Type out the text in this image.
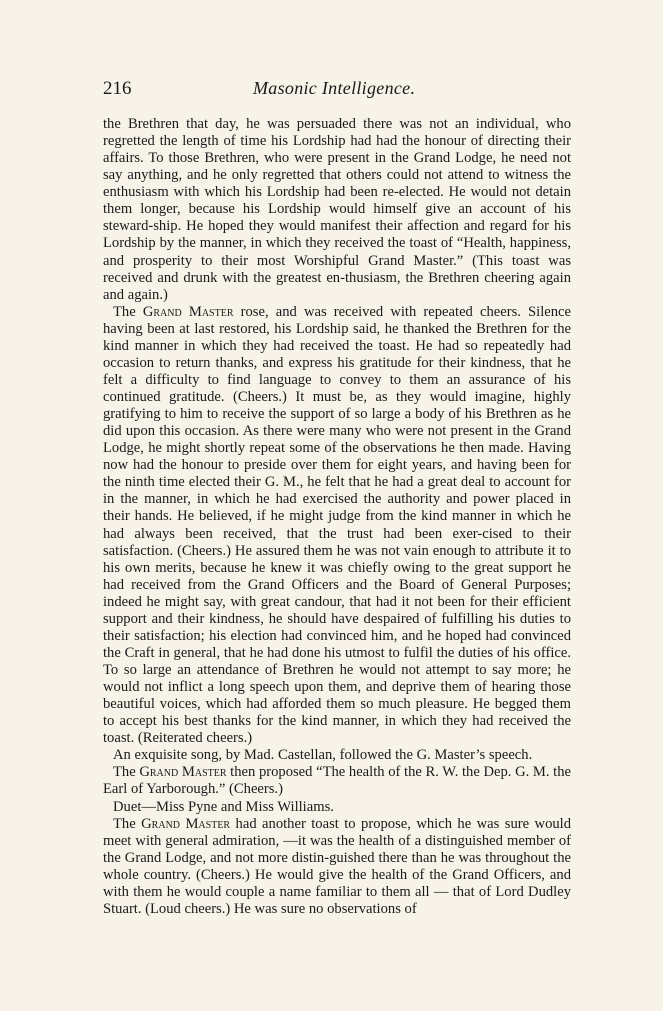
216	Masonic Intelligence.

the Brethren that day, he was persuaded there was not an individual, who regretted the length of time his Lordship had had the honour of directing their affairs. To those Brethren, who were present in the Grand Lodge, he need not say anything, and he only regretted that others could not attend to witness the enthusiasm with which his Lordship had been re-elected. He would not detain them longer, because his Lordship would himself give an account of his steward-ship. He hoped they would manifest their affection and regard for his Lordship by the manner, in which they received the toast of “Health, happiness, and prosperity to their most Worshipful Grand Master.” (This toast was received and drunk with the greatest en-thusiasm, the Brethren cheering again and again.)

The Grand Master rose, and was received with repeated cheers. Silence having been at last restored, his Lordship said, he thanked the Brethren for the kind manner in which they had received the toast. He had so repeatedly had occasion to return thanks, and express his gratitude for their kindness, that he felt a difficulty to find language to convey to them an assurance of his continued gratitude. (Cheers.) It must be, as they would imagine, highly gratifying to him to receive the support of so large a body of his Brethren as he did upon this occasion. As there were many who were not present in the Grand Lodge, he might shortly repeat some of the observations he then made. Having now had the honour to preside over them for eight years, and having been for the ninth time elected their G. M., he felt that he had a great deal to account for in the manner, in which he had exercised the authority and power placed in their hands. He believed, if he might judge from the kind manner in which he had always been received, that the trust had been exer-cised to their satisfaction. (Cheers.) He assured them he was not vain enough to attribute it to his own merits, because he knew it was chiefly owing to the great support he had received from the Grand Officers and the Board of General Purposes; indeed he might say, with great candour, that had it not been for their efficient support and their kindness, he should have despaired of fulfilling his duties to their satisfaction; his election had convinced him, and he hoped had convinced the Craft in general, that he had done his utmost to fulfil the duties of his office. To so large an attendance of Brethren he would not attempt to say more; he would not inflict a long speech upon them, and deprive them of hearing those beautiful voices, which had afforded them so much pleasure. He begged them to accept his best thanks for the kind manner, in which they had received the toast. (Reiterated cheers.)

An exquisite song, by Mad. Castellan, followed the G. Master’s speech.

The Grand Master then proposed “The health of the R. W. the Dep. G. M. the Earl of Yarborough.” (Cheers.)

Duet—Miss Pyne and Miss Williams.

The Grand Master had another toast to propose, which he was sure would meet with general admiration, —it was the health of a distinguished member of the Grand Lodge, and not more distin-guished there than he was throughout the whole country. (Cheers.) He would give the health of the Grand Officers, and with them he would couple a name familiar to them all — that of Lord Dudley Stuart. (Loud cheers.) He was sure no observations of
